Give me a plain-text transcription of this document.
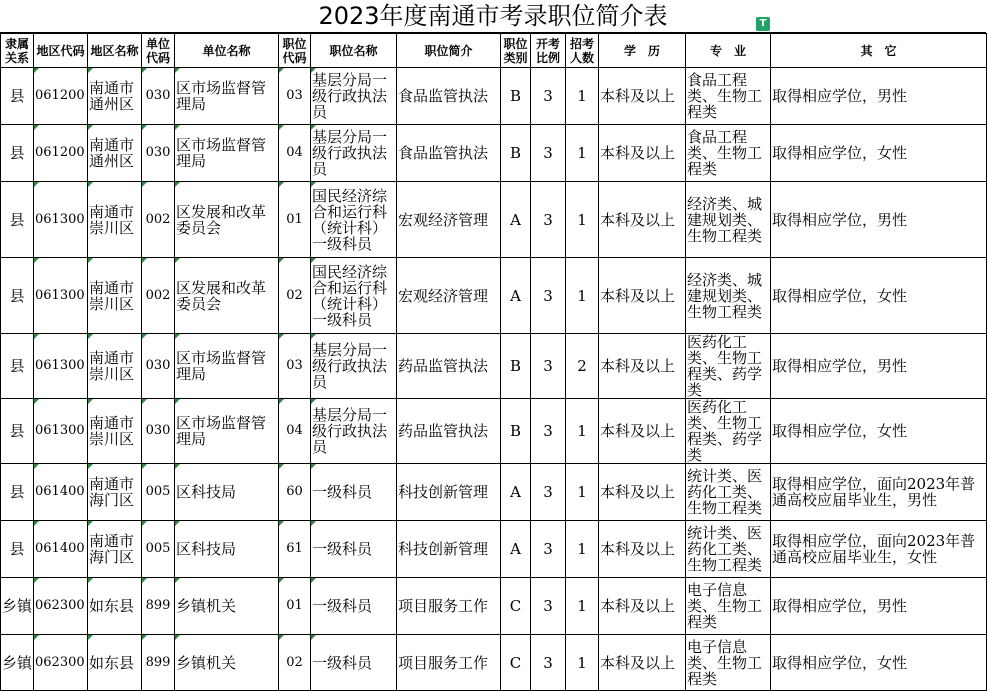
2023年度南通市考录职位简介表	T
隶属关系	地区代码	地区名称	单位代码	单位名称	职位代码	职位名称	职位简介	职位类别	开考比例	招考人数	学　历	专　业	其　它
县	061200	南通市通州区	030	区市场监督管理局	03	基层分局一级行政执法员	食品监管执法	B	3	1	本科及以上	食品工程类、生物工程类	取得相应学位，男性
县	061200	南通市通州区	030	区市场监督管理局	04	基层分局一级行政执法员	食品监管执法	B	3	1	本科及以上	食品工程类、生物工程类	取得相应学位，女性
县	061300	南通市崇川区	002	区发展和改革委员会	01	国民经济综合和运行科（统计科）一级科员	宏观经济管理	A	3	1	本科及以上	经济类、城建规划类、生物工程类	取得相应学位，男性
县	061300	南通市崇川区	002	区发展和改革委员会	02	国民经济综合和运行科（统计科）一级科员	宏观经济管理	A	3	1	本科及以上	经济类、城建规划类、生物工程类	取得相应学位，女性
县	061300	南通市崇川区	030	区市场监督管理局	03	基层分局一级行政执法员	药品监管执法	B	3	2	本科及以上	医药化工类、生物工程类、药学类	取得相应学位，男性
县	061300	南通市崇川区	030	区市场监督管理局	04	基层分局一级行政执法员	药品监管执法	B	3	1	本科及以上	医药化工类、生物工程类、药学类	取得相应学位，女性
县	061400	南通市海门区	005	区科技局	60	一级科员	科技创新管理	A	3	1	本科及以上	统计类、医药化工类、生物工程类	取得相应学位，面向2023年普通高校应届毕业生，男性
县	061400	南通市海门区	005	区科技局	61	一级科员	科技创新管理	A	3	1	本科及以上	统计类、医药化工类、生物工程类	取得相应学位，面向2023年普通高校应届毕业生，女性
乡镇	062300	如东县	899	乡镇机关	01	一级科员	项目服务工作	C	3	1	本科及以上	电子信息类、生物工程类	取得相应学位，男性
乡镇	062300	如东县	899	乡镇机关	02	一级科员	项目服务工作	C	3	1	本科及以上	电子信息类、生物工程类	取得相应学位，女性
